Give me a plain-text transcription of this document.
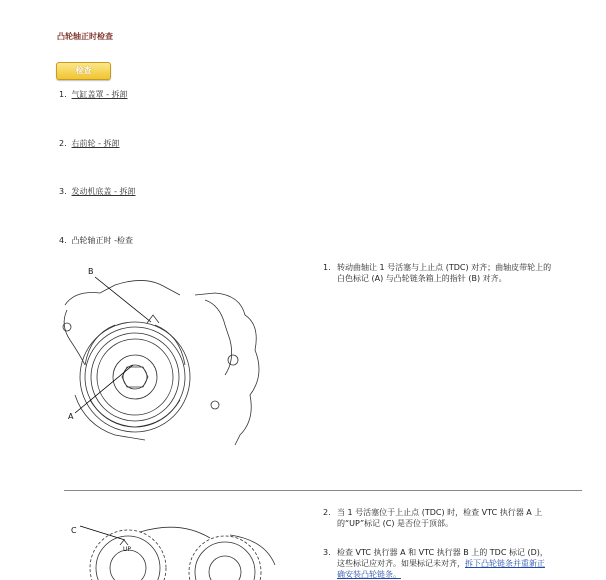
凸轮轴正时检查
检查
1. 气缸盖罩 - 拆卸
2. 右前轮 - 拆卸
3. 发动机底盖 - 拆卸
4. 凸轮轴正时 -检查
1. 转动曲轴让 1 号活塞与上止点 (TDC) 对齐；曲轴皮带轮上的
白色标记 (A) 与凸轮链条箱上的指针 (B) 对齐。
2. 当 1 号活塞位于上止点 (TDC) 时，检查 VTC 执行器 A 上
的“UP”标记 (C) 是否位于顶部。
3. 检查 VTC 执行器 A 和 VTC 执行器 B 上的 TDC 标记 (D)，
这些标记应对齐。如果标记未对齐，拆下凸轮链条并重新正
确安装凸轮链条。
B
A
C
UP
